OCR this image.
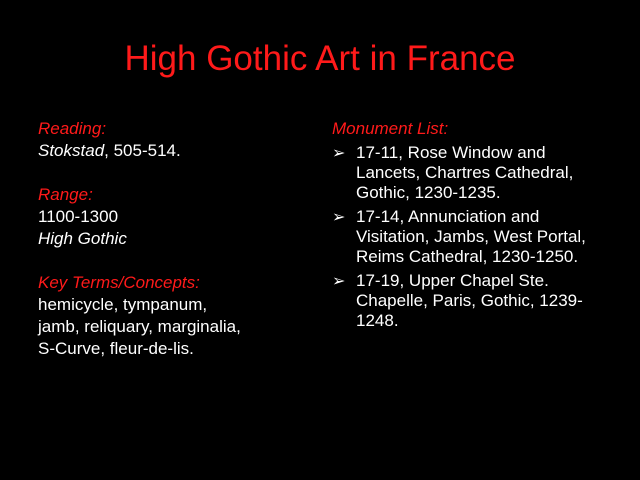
High Gothic Art in France
Reading:
Stokstad, 505-514.
Range:
1100-1300
High Gothic
Key Terms/Concepts:
hemicycle, tympanum,
jamb, reliquary, marginalia,
S-Curve, fleur-de-lis.
Monument List:
➢ 17-11, Rose Window and Lancets, Chartres Cathedral, Gothic, 1230-1235.
➢ 17-14, Annunciation and Visitation, Jambs, West Portal, Reims Cathedral, 1230-1250.
➢ 17-19, Upper Chapel Ste. Chapelle, Paris, Gothic, 1239-1248.
